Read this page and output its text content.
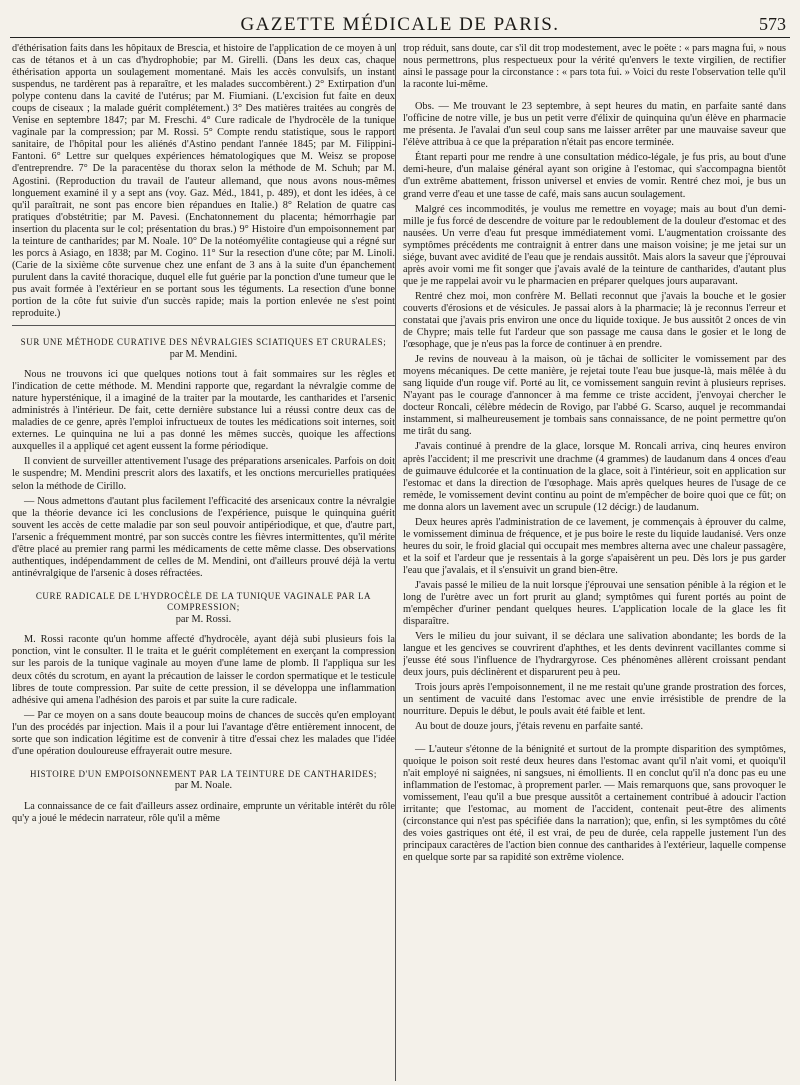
GAZETTE MÉDICALE DE PARIS.	573

d'éthérisation faits dans les hôpitaux de Brescia, et histoire de l'application de ce moyen à un cas de tétanos et à un cas d'hydrophobie; par M. Girelli. (Dans les deux cas, chaque éthérisation apporta un soulagement momentané. Mais les accès convulsifs, un instant suspendus, ne tardèrent pas à reparaître, et les malades succombèrent.) 2° Extirpation d'un polype contenu dans la cavité de l'utérus; par M. Fiumiani. (L'excision fut faite en deux coups de ciseaux ; la malade guérit complétement.) 3° Des matières traitées au congrès de Venise en septembre 1847; par M. Freschi. 4° Cure radicale de l'hydrocèle de la tunique vaginale par la compression; par M. Rossi. 5° Compte rendu statistique, sous le rapport sanitaire, de l'hôpital pour les aliénés d'Astino pendant l'année 1845; par M. Filippini-Fantoni. 6° Lettre sur quelques expériences hématologiques que M. Weisz se propose d'entreprendre. 7° De la paracentèse du thorax selon la méthode de M. Schuh; par M. Agostini. (Reproduction du travail de l'auteur allemand, que nous avons nous-mêmes longuement examiné il y a sept ans (voy. Gaz. Méd., 1841, p. 489), et dont les idées, à ce qu'il paraîtrait, ne sont pas encore bien répandues en Italie.) 8° Relation de quatre cas pratiques d'obstétritie; par M. Pavesi. (Enchatonnement du placenta; hémorrhagie par insertion du placenta sur le col; présentation du bras.) 9° Histoire d'un empoisonnement par la teinture de cantharides; par M. Noale. 10° De la notéomyélite contagieuse qui a régné sur les porcs à Asiago, en 1838; par M. Cogino. 11° Sur la resection d'une côte; par M. Linoli. (Carie de la sixième côte survenue chez une enfant de 3 ans à la suite d'un épanchement purulent dans la cavité thoracique, duquel elle fut guérie par la ponction d'une tumeur que le pus avait formée à l'extérieur en se portant sous les téguments. La resection d'une bonne portion de la côte fut suivie d'un succès rapide; mais la portion enlevée ne s'est point reproduite.)

SUR UNE MÉTHODE CURATIVE DES NÉVRALGIES SCIATIQUES ET CRURALES;
par M. Mendini.

Nous ne trouvons ici que quelques notions tout à fait sommaires sur les règles et l'indication de cette méthode. M. Mendini rapporte que, regardant la névralgie comme de nature hypersténique, il a imaginé de la traiter par la moutarde, les cantharides et l'arsenic administrés à l'intérieur. De fait, cette dernière substance lui a réussi contre deux cas de maladies de ce genre, après l'emploi infructueux de toutes les médications soit internes, soit externes. Le quinquina ne lui a pas donné les mêmes succès, quoique les affections auxquelles il a appliqué cet agent eussent la forme périodique.

Il convient de surveiller attentivement l'usage des préparations arsenicales. Parfois on doit le suspendre; M. Mendini prescrit alors des laxatifs, et les onctions mercurielles pratiquées selon la méthode de Cirillo.

— Nous admettons d'autant plus facilement l'efficacité des arsenicaux contre la névralgie que la théorie devance ici les conclusions de l'expérience, puisque le quinquina guérit souvent les accès de cette maladie par son seul pouvoir antipériodique, et que, d'autre part, l'arsenic a fréquemment montré, par son succès contre les fièvres intermittentes, qu'il mérite d'être placé au premier rang parmi les médicaments de cette même classe. Des observations authentiques, indépendamment de celles de M. Mendini, ont d'ailleurs prouvé déjà la vertu antinévralgique de l'arsenic à doses réfractées.

CURE RADICALE DE L'HYDROCÈLE DE LA TUNIQUE VAGINALE PAR LA COMPRESSION;
par M. Rossi.

M. Rossi raconte qu'un homme affecté d'hydrocèle, ayant déjà subi plusieurs fois la ponction, vint le consulter. Il le traita et le guérit complétement en exerçant la compression sur les parois de la tunique vaginale au moyen d'une lame de plomb. Il l'appliqua sur les deux côtés du scrotum, en ayant la précaution de laisser le cordon spermatique et le testicule libres de toute compression. Par suite de cette pression, il se développa une inflammation adhésive qui amena l'adhésion des parois et par suite la cure radicale.

— Par ce moyen on a sans doute beaucoup moins de chances de succès qu'en employant l'un des procédés par injection. Mais il a pour lui l'avantage d'être entièrement innocent, de sorte que son indication légitime est de convenir à titre d'essai chez les malades que l'idée d'une opération douloureuse effrayerait outre mesure.

HISTOIRE D'UN EMPOISONNEMENT PAR LA TEINTURE DE CANTHARIDES;
par M. Noale.

La connaissance de ce fait d'ailleurs assez ordinaire, emprunte un véritable intérêt du rôle qu'y a joué le médecin narrateur, rôle qu'il a même

trop réduit, sans doute, car s'il dit trop modestement, avec le poëte : « pars magna fui, » nous nous permettrons, plus respectueux pour la vérité qu'envers le texte virgilien, de rectifier ainsi le passage pour la circonstance : « pars tota fui. » Voici du reste l'observation telle qu'il la raconte lui-même.

Obs. — Me trouvant le 23 septembre, à sept heures du matin, en parfaite santé dans l'officine de notre ville, je bus un petit verre d'élixir de quinquina qu'un élève en pharmacie me présenta. Je l'avalai d'un seul coup sans me laisser arrêter par une mauvaise saveur que l'élève attribua à ce que la préparation n'était pas encore terminée.

Étant reparti pour me rendre à une consultation médico-légale, je fus pris, au bout d'une demi-heure, d'un malaise général ayant son origine à l'estomac, qui s'accompagna bientôt d'un extrême abattement, frisson universel et envies de vomir. Rentré chez moi, je bus un grand verre d'eau et une tasse de café, mais sans aucun soulagement.

Malgré ces incommodités, je voulus me remettre en voyage; mais au bout d'un demi-mille je fus forcé de descendre de voiture par le redoublement de la douleur d'estomac et des nausées. Un verre d'eau fut presque immédiatement vomi. L'augmentation croissante des symptômes précédents me contraignit à entrer dans une maison voisine; je me jetai sur un siége, buvant avec avidité de l'eau que je rendais aussitôt. Mais alors la saveur que j'éprouvai après avoir vomi me fit songer que j'avais avalé de la teinture de cantharides, d'autant plus que je me rappelai avoir vu le pharmacien en préparer quelques jours auparavant.

Rentré chez moi, mon confrère M. Bellati reconnut que j'avais la bouche et le gosier couverts d'érosions et de vésicules. Je passai alors à la pharmacie; là je reconnus l'erreur et constatai que j'avais pris environ une once du liquide toxique. Je bus aussitôt 2 onces de vin de Chypre; mais telle fut l'ardeur que son passage me causa dans le gosier et le long de l'œsophage, que je n'eus pas la force de continuer à en prendre.

Je revins de nouveau à la maison, où je tâchai de solliciter le vomissement par des moyens mécaniques. De cette manière, je rejetai toute l'eau bue jusque-là, mais mêlée à du sang liquide d'un rouge vif. Porté au lit, ce vomissement sanguin revint à plusieurs reprises. N'ayant pas le courage d'annoncer à ma femme ce triste accident, j'envoyai chercher le docteur Roncali, célèbre médecin de Rovigo, par l'abbé G. Scarso, auquel je recommandai instamment, si malheureusement je tombais sans connaissance, de ne point permettre qu'on me tirât du sang.

J'avais continué à prendre de la glace, lorsque M. Roncali arriva, cinq heures environ après l'accident; il me prescrivit une drachme (4 grammes) de laudanum dans 4 onces d'eau de guimauve édulcorée et la continuation de la glace, soit à l'intérieur, soit en application sur l'estomac et dans la direction de l'œsophage. Mais après quelques heures de l'usage de ce remède, le vomissement devint continu au point de m'empêcher de boire quoi que ce fût; on me donna alors un lavement avec un scrupule (12 décigr.) de laudanum.

Deux heures après l'administration de ce lavement, je commençais à éprouver du calme, le vomissement diminua de fréquence, et je pus boire le reste du liquide laudanisé. Vers onze heures du soir, le froid glacial qui occupait mes membres alterna avec une chaleur passagère, et la soif et l'ardeur que je ressentais à la gorge s'apaisèrent un peu. Dès lors je pus garder l'eau que j'avalais, et il s'ensuivit un grand bien-être.

J'avais passé le milieu de la nuit lorsque j'éprouvai une sensation pénible à la région et le long de l'urètre avec un fort prurit au gland; symptômes qui furent portés au point de m'empêcher d'uriner pendant quelques heures. L'application locale de la glace les fit disparaître.

Vers le milieu du jour suivant, il se déclara une salivation abondante; les bords de la langue et les gencives se couvrirent d'aphthes, et les dents devinrent vacillantes comme si j'eusse été sous l'influence de l'hydrargyrose. Ces phénomènes allèrent croissant pendant deux jours, puis déclinèrent et disparurent peu à peu.

Trois jours après l'empoisonnement, il ne me restait qu'une grande prostration des forces, un sentiment de vacuité dans l'estomac avec une envie irrésistible de prendre de la nourriture. Depuis le début, le pouls avait été faible et lent.

Au bout de douze jours, j'étais revenu en parfaite santé.

— L'auteur s'étonne de la bénignité et surtout de la prompte disparition des symptômes, quoique le poison soit resté deux heures dans l'estomac avant qu'il n'ait vomi, et quoiqu'il n'ait employé ni saignées, ni sangsues, ni émollients. Il en conclut qu'il n'a donc pas eu une inflammation de l'estomac, à proprement parler. — Mais remarquons que, sans provoquer le vomissement, l'eau qu'il a bue presque aussitôt a certainement contribué à adoucir l'action irritante; que l'estomac, au moment de l'accident, contenait peut-être des aliments (circonstance qui n'est pas spécifiée dans la narration); que, enfin, si les symptômes du côté des voies gastriques ont été, il est vrai, de peu de durée, cela rappelle justement l'un des principaux caractères de l'action bien connue des cantharides à l'extérieur, laquelle compense en quelque sorte par sa rapidité son extrême violence.
